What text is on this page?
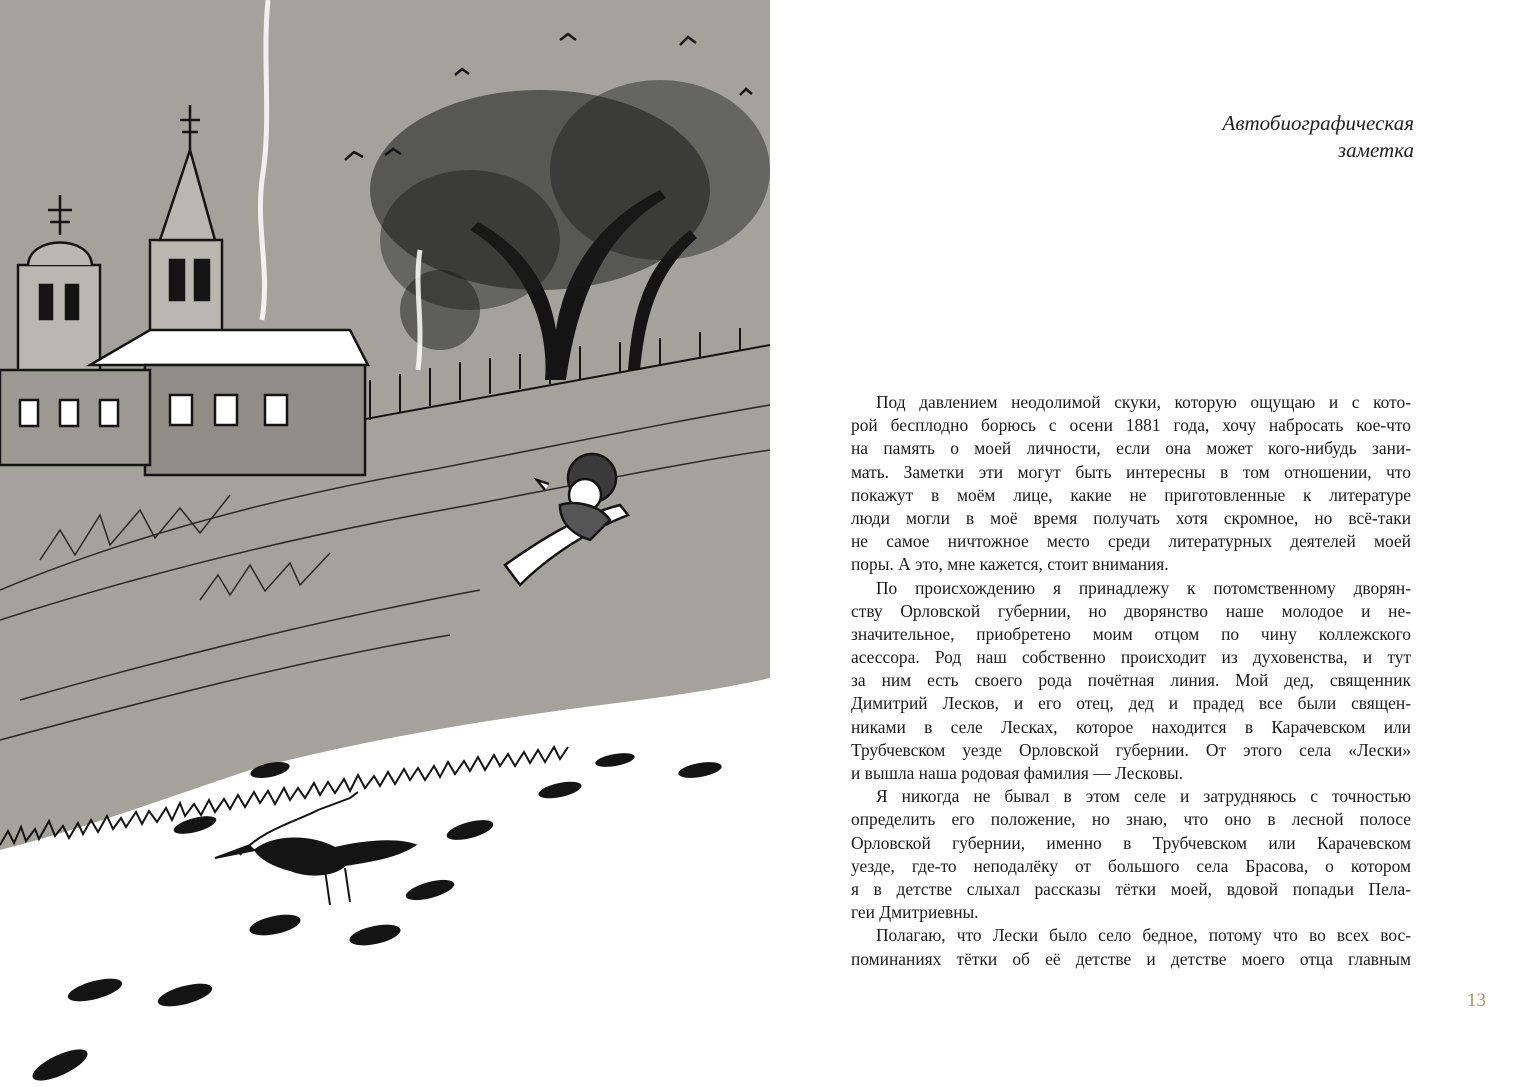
Автобиографическая
заметка
Под давлением неодолимой скуки, которую ощущаю и с кото-
рой бесплодно борюсь с осени 1881 года, хочу набросать кое-что
на память о моей личности, если она может кого-нибудь зани-
мать. Заметки эти могут быть интересны в том отношении, что
покажут в моём лице, какие не приготовленные к литературе
люди могли в моё время получать хотя скромное, но всё-таки
не самое ничтожное место среди литературных деятелей моей
поры. А это, мне кажется, стоит внимания.
По происхождению я принадлежу к потомственному дворян-
ству Орловской губернии, но дворянство наше молодое и не-
значительное, приобретено моим отцом по чину коллежского
асессора. Род наш собственно происходит из духовенства, и тут
за ним есть своего рода почётная линия. Мой дед, священник
Димитрий Лесков, и его отец, дед и прадед все были священ-
никами в селе Лесках, которое находится в Карачевском или
Трубчевском уезде Орловской губернии. От этого села «Лески»
и вышла наша родовая фамилия — Лесковы.
Я никогда не бывал в этом селе и затрудняюсь с точностью
определить его положение, но знаю, что оно в лесной полосе
Орловской губернии, именно в Трубчевском или Карачевском
уезде, где-то неподалёку от большого села Брасова, о котором
я в детстве слыхал рассказы тётки моей, вдовой попадьи Пела-
геи Дмитриевны.
Полагаю, что Лески было село бедное, потому что во всех вос-
поминаниях тётки об её детстве и детстве моего отца главным
13
